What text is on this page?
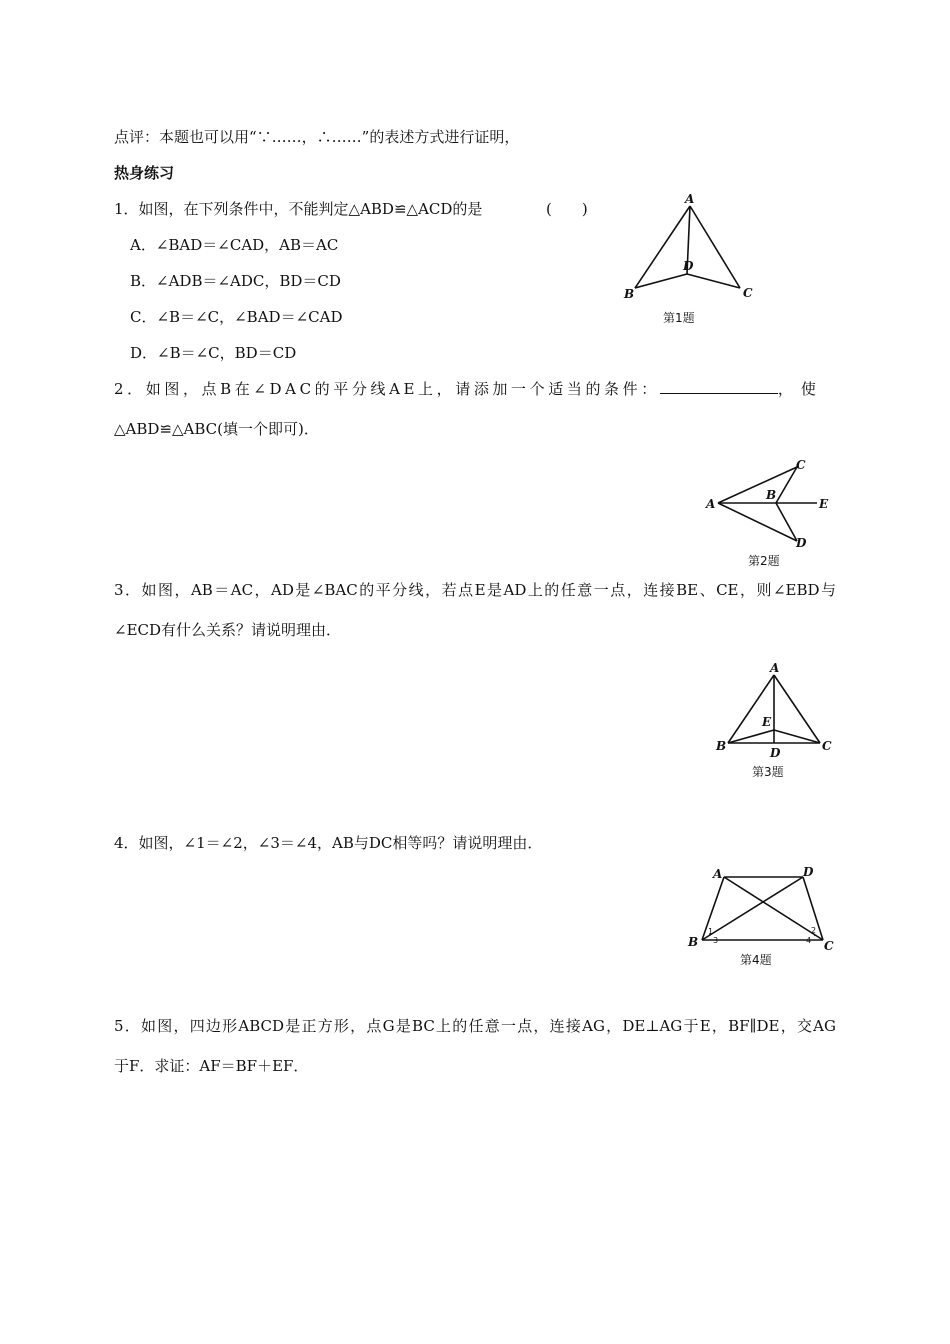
点评：本题也可以用“∵……，∴……”的表述方式进行证明，
热身练习
1．如图，在下列条件中，不能判定△ABD≌△ACD的是	(　　)
A．∠BAD＝∠CAD，AB＝AC
B．∠ADB＝∠ADC，BD＝CD
C．∠B＝∠C，∠BAD＝∠CAD
D．∠B＝∠C，BD＝CD
A
B	C
D
第1题
2．如图，点B在∠DAC的平分线AE上，请添加一个适当的条件：	，使
△ABD≌△ABC(填一个即可)．
A
B
C
D
E
第2题
3．如图，AB＝AC，AD是∠BAC的平分线，若点E是AD上的任意一点，连接BE、CE，则∠EBD与
∠ECD有什么关系？请说明理由．
A
B	C
D
E
第3题
4．如图，∠1＝∠2，∠3＝∠4，AB与DC相等吗？请说明理由．
A
B	C
D
1	2
3	4
第4题
5．如图，四边形ABCD是正方形，点G是BC上的任意一点，连接AG，DE⊥AG于E，BF∥DE，交AG
于F．求证：AF＝BF＋EF．
